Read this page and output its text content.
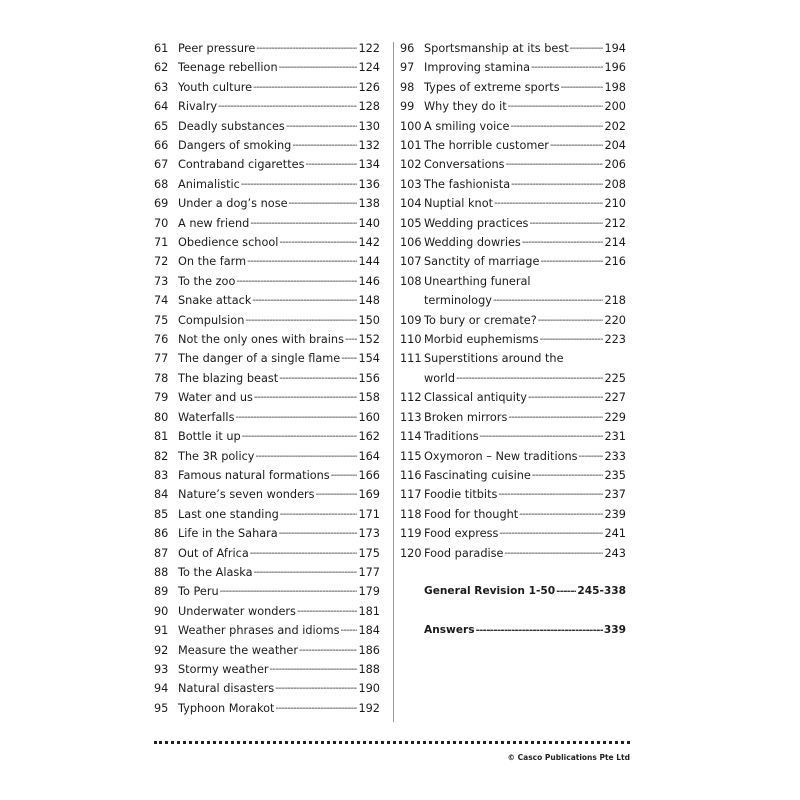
61 Peer pressure -----	122
62 Teenage rebellion -----	124
63 Youth culture -----	126
64 Rivalry -----	128
65 Deadly substances -----	130
66 Dangers of smoking -----	132
67 Contraband cigarettes -----	134
68 Animalistic -----	136
69 Under a dog’s nose -----	138
70 A new friend -----	140
71 Obedience school -----	142
72 On the farm -----	144
73 To the zoo -----	146
74 Snake attack -----	148
75 Compulsion -----	150
76 Not the only ones with brains ----- 152
77 The danger of a single flame ----- 154
78 The blazing beast -----	156
79 Water and us -----	158
80 Waterfalls -----	160
81 Bottle it up -----	162
82 The 3R policy -----	164
83 Famous natural formations -----	166
84 Nature’s seven wonders -----	169
85 Last one standing -----	171
86 Life in the Sahara -----	173
87 Out of Africa -----	175
88 To the Alaska -----	177
89 To Peru -----	179
90 Underwater wonders -----	181
91 Weather phrases and idioms ----- 184
92 Measure the weather -----	186
93 Stormy weather -----	188
94 Natural disasters -----	190
95 Typhoon Morakot -----	192
96 Sportsmanship at its best -----	194
97 Improving stamina -----	196
98 Types of extreme sports -----	198
99 Why they do it -----	200
100 A smiling voice -----	202
101 The horrible customer -----	204
102 Conversations -----	206
103 The fashionista -----	208
104 Nuptial knot -----	210
105 Wedding practices -----	212
106 Wedding dowries -----	214
107 Sanctity of marriage -----	216
108 Unearthing funeral
terminology -----	218
109 To bury or cremate? -----	220
110 Morbid euphemisms -----	223
111 Superstitions around the
world -----	225
112 Classical antiquity -----	227
113 Broken mirrors -----	229
114 Traditions -----	231
115 Oxymoron – New traditions ----- 233
116 Fascinating cuisine -----	235
117 Foodie titbits -----	237
118 Food for thought -----	239
119 Food express -----	241
120 Food paradise -----	243
General Revision 1-50 ----- 245-338
Answers -----	339
© Casco Publications Pte Ltd
